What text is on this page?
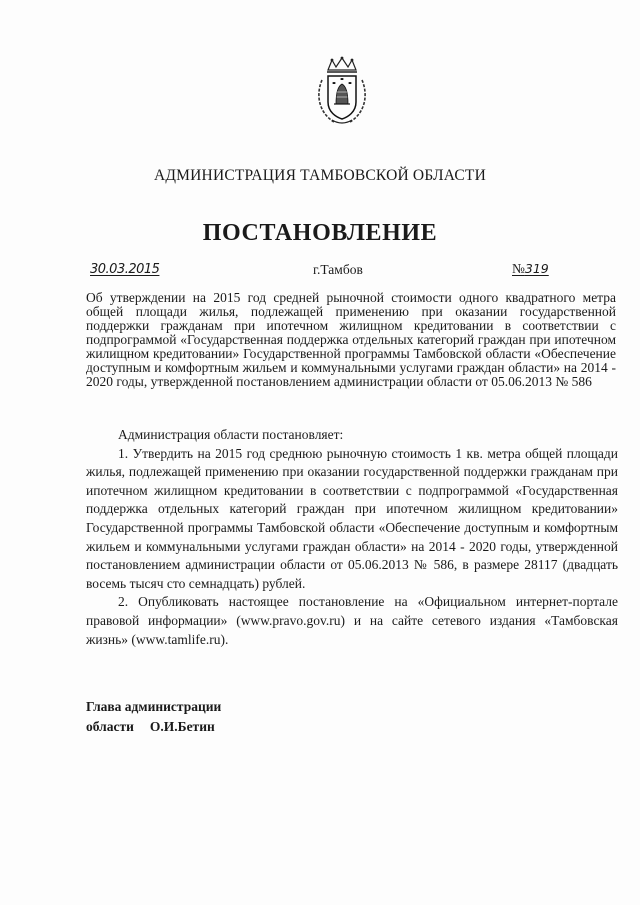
АДМИНИСТРАЦИЯ ТАМБОВСКОЙ ОБЛАСТИ
ПОСТАНОВЛЕНИЕ
30.03.2015	г.Тамбов	№319
Об утверждении на 2015 год средней рыночной стоимости одного квадратного метра общей площади жилья, подлежащей применению при оказании государственной поддержки гражданам при ипотечном жилищном кредитовании в соответствии с подпрограммой «Государственная поддержка отдельных категорий граждан при ипотечном жилищном кредитовании» Государственной программы Тамбовской области «Обеспечение доступным и комфортным жильем и коммунальными услугами граждан области» на 2014 - 2020 годы, утвержденной постановлением администрации области от 05.06.2013 № 586

Администрация области постановляет:

1. Утвердить на 2015 год среднюю рыночную стоимость 1 кв. метра общей площади жилья, подлежащей применению при оказании государственной поддержки гражданам при ипотечном жилищном кредитовании в соответствии с подпрограммой «Государственная поддержка отдельных категорий граждан при ипотечном жилищном кредитовании» Государственной программы Тамбовской области «Обеспечение доступным и комфортным жильем и коммунальными услугами граждан области» на 2014 - 2020 годы, утвержденной постановлением администрации области от 05.06.2013 № 586, в размере 28117 (двадцать восемь тысяч сто семнадцать) рублей.

2. Опубликовать настоящее постановление на «Официальном интернет-портале правовой информации» (www.pravo.gov.ru) и на сайте сетевого издания «Тамбовская жизнь» (www.tamlife.ru).

Глава администрации
области О.И.Бетин
